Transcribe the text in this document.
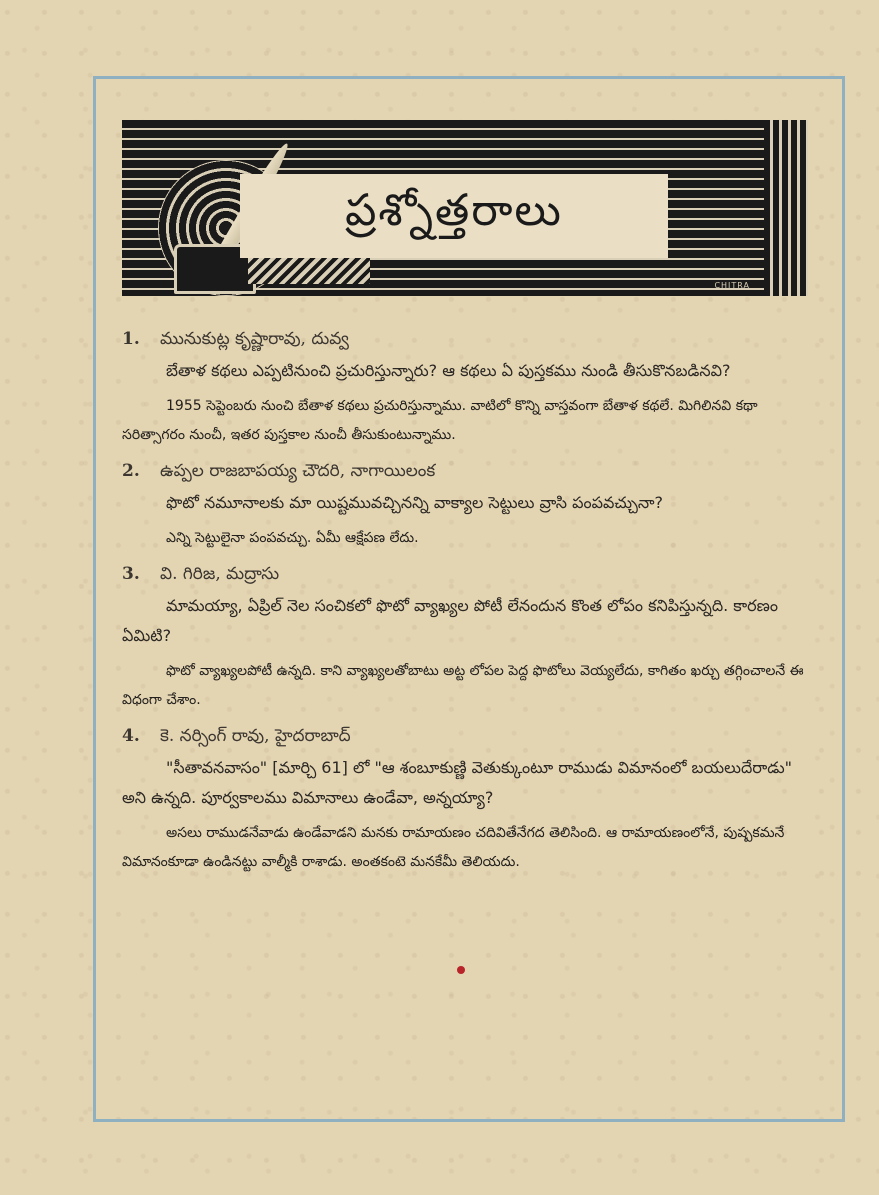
ప్రశ్నోత్తరాలు
CHITRA

1. మునుకుట్ల కృష్ణారావు, దువ్వ

బేతాళ కథలు ఎప్పటినుంచి ప్రచురిస్తున్నారు? ఆ కథలు ఏ పుస్తకము నుండి తీసుకొనబడినవి?

1955 సెప్టెంబరు నుంచి బేతాళ కథలు ప్రచురిస్తున్నాము. వాటిలో కొన్ని వాస్తవంగా బేతాళ కథలే. మిగిలినవి కథా సరిత్సాగరం నుంచీ, ఇతర పుస్తకాల నుంచీ తీసుకుంటున్నాము.

2. ఉప్పల రాజబాపయ్య చౌదరి, నాగాయిలంక

ఫొటో నమూనాలకు మా యిష్టమువచ్చినన్ని వాక్యాల సెట్టులు వ్రాసి పంపవచ్చునా?

ఎన్ని సెట్టులైనా పంపవచ్చు. ఏమీ ఆక్షేపణ లేదు.

3. వి. గిరిజ, మద్రాసు

మామయ్యా, ఏప్రిల్ నెల సంచికలో ఫొటో వ్యాఖ్యల పోటీ లేనందున కొంత లోపం కనిపిస్తున్నది. కారణం ఏమిటి?

ఫొటో వ్యాఖ్యలపోటీ ఉన్నది. కాని వ్యాఖ్యలతోబాటు అట్ట లోపల పెద్ద ఫొటోలు వెయ్యలేదు, కాగితం ఖర్చు తగ్గించాలనే ఈ విధంగా చేశాం.

4. కె. నర్సింగ్ రావు, హైదరాబాద్

"సీతావనవాసం" [మార్చి 61] లో "ఆ శంబూకుణ్ణి వెతుక్కుంటూ రాముడు విమానంలో బయలుదేరాడు" అని ఉన్నది. పూర్వకాలము విమానాలు ఉండేవా, అన్నయ్యా?

అసలు రాముడనేవాడు ఉండేవాడని మనకు రామాయణం చదివితేనేగద తెలిసింది. ఆ రామాయణంలోనే, పుష్పకమనే విమానంకూడా ఉండినట్టు వాల్మీకి రాశాడు. అంతకంటె మనకేమీ తెలియదు.
